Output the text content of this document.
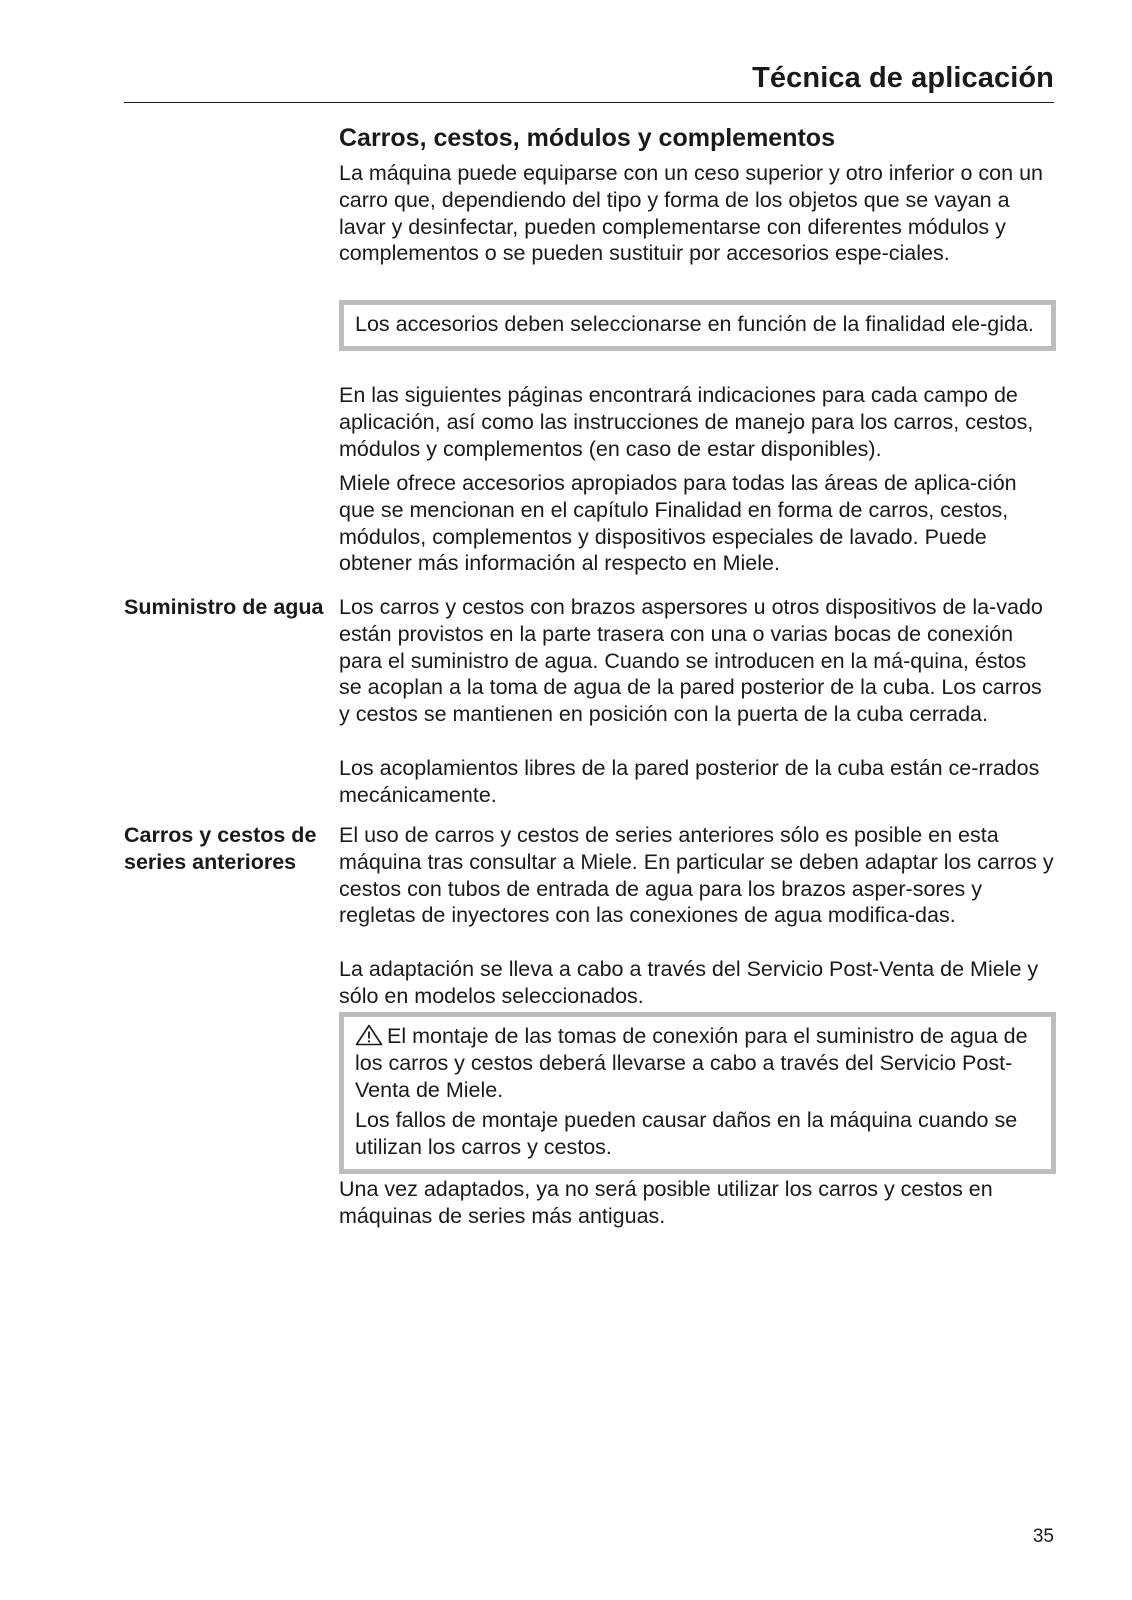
Técnica de aplicación
Carros, cestos, módulos y complementos

La máquina puede equiparse con un ceso superior y otro inferior o con un carro que, dependiendo del tipo y forma de los objetos que se vayan a lavar y desinfectar, pueden complementarse con diferentes módulos y complementos o se pueden sustituir por accesorios espe-ciales.

Los accesorios deben seleccionarse en función de la finalidad ele-gida.

En las siguientes páginas encontrará indicaciones para cada campo de aplicación, así como las instrucciones de manejo para los carros, cestos, módulos y complementos (en caso de estar disponibles).

Miele ofrece accesorios apropiados para todas las áreas de aplica-ción que se mencionan en el capítulo Finalidad en forma de carros, cestos, módulos, complementos y dispositivos especiales de lavado. Puede obtener más información al respecto en Miele.

Suministro de agua Los carros y cestos con brazos aspersores u otros dispositivos de la-vado están provistos en la parte trasera con una o varias bocas de conexión para el suministro de agua. Cuando se introducen en la má-quina, éstos se acoplan a la toma de agua de la pared posterior de la cuba. Los carros y cestos se mantienen en posición con la puerta de la cuba cerrada.

Los acoplamientos libres de la pared posterior de la cuba están ce-rrados mecánicamente.

Carros y cestos de series anteriores

El uso de carros y cestos de series anteriores sólo es posible en esta máquina tras consultar a Miele. En particular se deben adaptar los carros y cestos con tubos de entrada de agua para los brazos asper-sores y regletas de inyectores con las conexiones de agua modifica-das.

La adaptación se lleva a cabo a través del Servicio Post-Venta de Miele y sólo en modelos seleccionados.

El montaje de las tomas de conexión para el suministro de agua de los carros y cestos deberá llevarse a cabo a través del Servicio Post-Venta de Miele.

Los fallos de montaje pueden causar daños en la máquina cuando se utilizan los carros y cestos.

Una vez adaptados, ya no será posible utilizar los carros y cestos en máquinas de series más antiguas.

35
